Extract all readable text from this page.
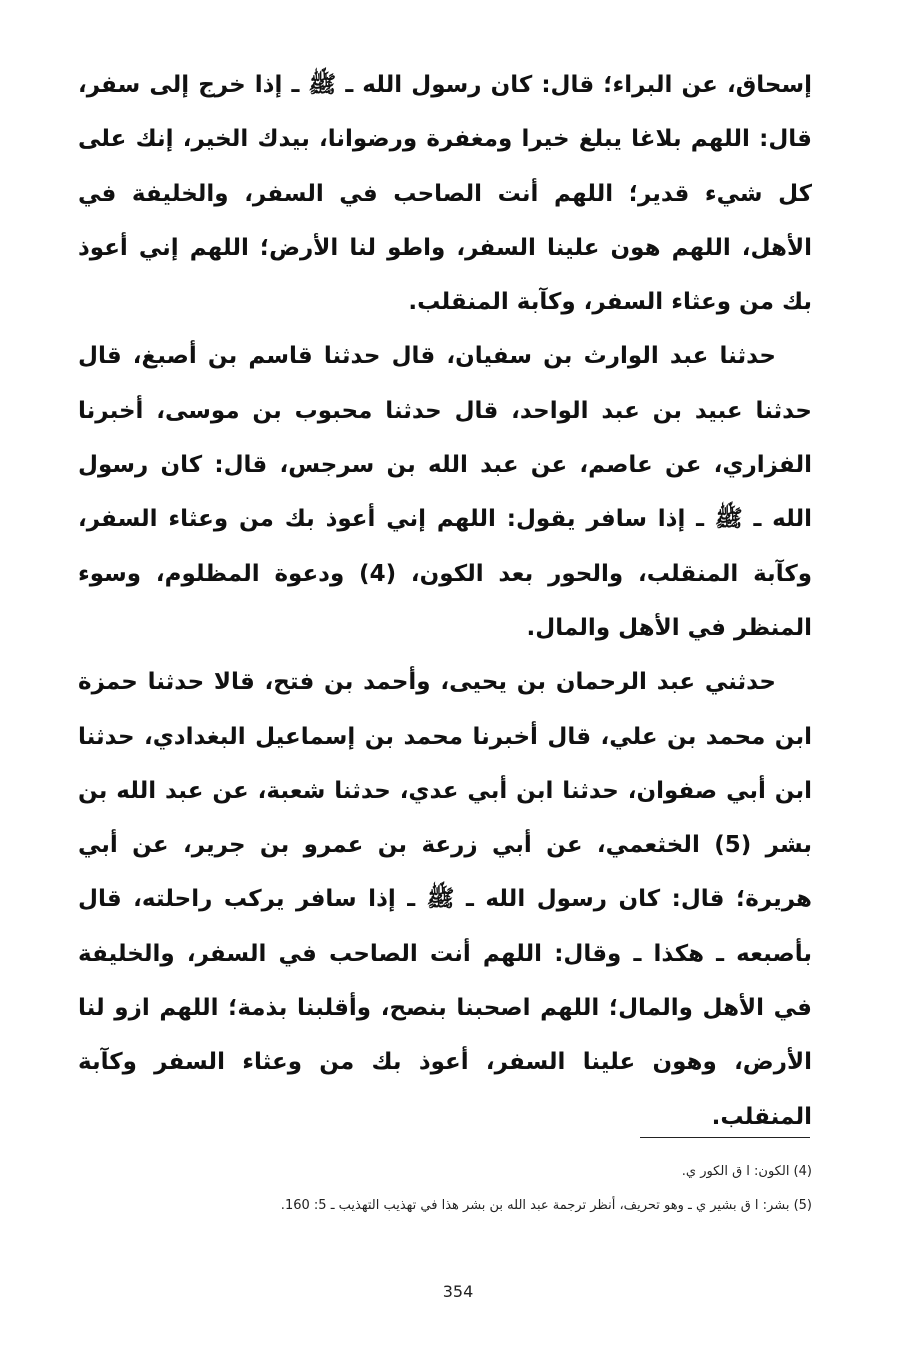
إسحاق، عن البراء؛ قال: كان رسول الله ـ ﷺ ـ إذا خرج إلى سفر، قال: اللهم بلاغا يبلغ خيرا ومغفرة ورضوانا، بيدك الخير، إنك على كل شيء قدير؛ اللهم أنت الصاحب في السفر، والخليفة في الأهل، اللهم هون علينا السفر، واطو لنا الأرض؛ اللهم إني أعوذ بك من وعثاء السفر، وكآبة المنقلب.

حدثنا عبد الوارث بن سفيان، قال حدثنا قاسم بن أصبغ، قال حدثنا عبيد بن عبد الواحد، قال حدثنا محبوب بن موسى، أخبرنا الفزاري، عن عاصم، عن عبد الله بن سرجس، قال: كان رسول الله ـ ﷺ ـ إذا سافر يقول: اللهم إني أعوذ بك من وعثاء السفر، وكآبة المنقلب، والحور بعد الكون، (4) ودعوة المظلوم، وسوء المنظر في الأهل والمال.

حدثني عبد الرحمان بن يحيى، وأحمد بن فتح، قالا حدثنا حمزة ابن محمد بن علي، قال أخبرنا محمد بن إسماعيل البغدادي، حدثنا ابن أبي صفوان، حدثنا ابن أبي عدي، حدثنا شعبة، عن عبد الله بن بشر (5) الخثعمي، عن أبي زرعة بن عمرو بن جرير، عن أبي هريرة؛ قال: كان رسول الله ـ ﷺ ـ إذا سافر يركب راحلته، قال بأصبعه ـ هكذا ـ وقال: اللهم أنت الصاحب في السفر، والخليفة في الأهل والمال؛ اللهم اصحبنا بنصح، وأقلبنا بذمة؛ اللهم ازو لنا الأرض، وهون علينا السفر، أعوذ بك من وعثاء السفر وكآبة المنقلب.

(4) الكون: ا ق الكور ي.

(5) بشر: ا ق بشير ي ـ وهو تحريف، أنظر ترجمة عبد الله بن بشر هذا في تهذيب التهذيب ـ 5: 160.

354
